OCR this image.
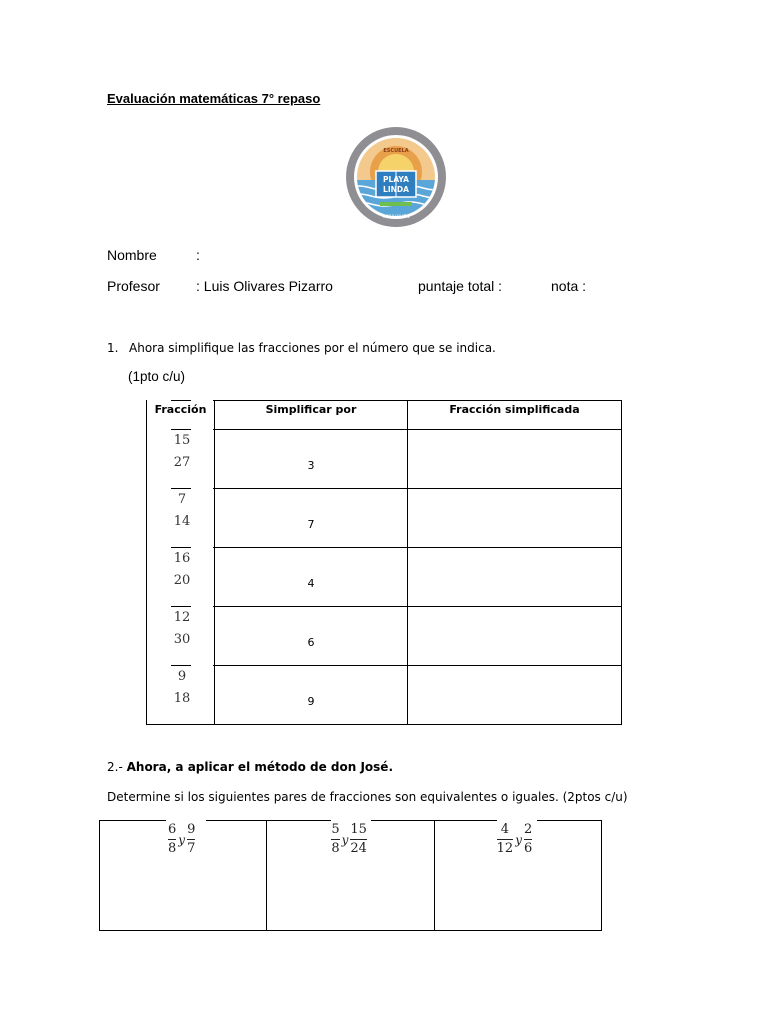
Evaluación matemáticas 7° repaso
PLAYA
LINDA
ESCUELA
VICHUQUÉN
Nombre	:
Profesor	: Luis Olivares Pizarro	puntaje total :	nota :
1. Ahora simplifique las fracciones por el número que se indica.
(1pto c/u)
Fracción	Simplificar por	Fracción simplificada

15
27	3	

7
14	7	

16
20	4	

12
30	6	

9
18	9	

2.- Ahora, a aplicar el método de don José.
Determine si los siguientes pares de fracciones son equivalentes o iguales. (2ptos c/u)
6
8
y
9
7
5
8
y
15
24
4
12
y
2
6
